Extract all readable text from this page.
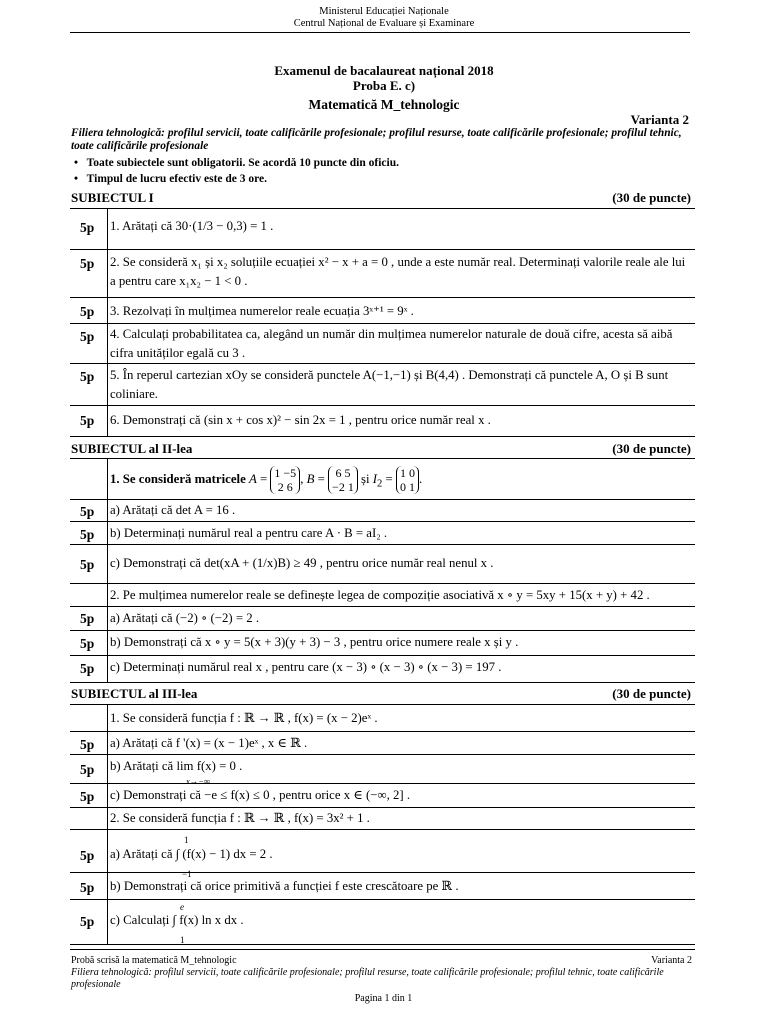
Ministerul Educației Naționale
Centrul Național de Evaluare și Examinare
Examenul de bacalaureat național 2018
Proba E. c)
Matematică M_tehnologic
Varianta 2
Filiera tehnologică: profilul servicii, toate calificările profesionale; profilul resurse, toate calificările profesionale; profilul tehnic, toate calificările profesionale
•   Toate subiectele sunt obligatorii. Se acordă 10 puncte din oficiu.
•   Timpul de lucru efectiv este de 3 ore.
SUBIECTUL I	(30 de puncte)
5p 1. Arătați că 30·(1/3 − 0,3) = 1 .
5p 2. Se consideră x₁ și x₂ soluțiile ecuației x² − x + a = 0 , unde a este număr real. Determinați valorile reale ale lui a pentru care x₁x₂ − 1 < 0 .
5p 3. Rezolvați în mulțimea numerelor reale ecuația 3ˣ⁺¹ = 9ˣ .
5p 4. Calculați probabilitatea ca, alegând un număr din mulțimea numerelor naturale de două cifre, acesta să aibă cifra unităților egală cu 3 .
5p 5. În reperul cartezian xOy se consideră punctele A(−1,−1) și B(4,4) . Demonstrați că punctele A, O și B sunt coliniare.
5p 6. Demonstrați că (sin x + cos x)² − sin 2x = 1 , pentru orice număr real x .
SUBIECTUL al II-lea	(30 de puncte)
1. Se consideră matricele A = 1 −5
2 6, B = 6 5
−2 1 și $I_2 = 1$ 0
0 1.
5p a) Arătați că det A = 16 .
5p b) Determinați numărul real a pentru care A · B = aI₂ .
5p c) Demonstrați că det(xA + (1/x)B) ≥ 49 , pentru orice număr real nenul x .
2. Pe mulțimea numerelor reale se definește legea de compoziție asociativă x ∘ y = 5xy + 15(x + y) + 42 .
5p a) Arătați că (−2) ∘ (−2) = 2 .
5p b) Demonstrați că x ∘ y = 5(x + 3)(y + 3) − 3 , pentru orice numere reale x și y .
5p c) Determinați numărul real x , pentru care (x − 3) ∘ (x − 3) ∘ (x − 3) = 197 .
SUBIECTUL al III-lea	(30 de puncte)
1. Se consideră funcția f : ℝ → ℝ , f(x) = (x − 2)eˣ .
5p a) Arătați că f '(x) = (x − 1)eˣ , x ∈ ℝ .
5p b) Arătați că lim f(x) = 0 .
x→−∞
5p c) Demonstrați că −e ≤ f(x) ≤ 0 , pentru orice x ∈ (−∞, 2] .
2. Se consideră funcția f : ℝ → ℝ , f(x) = 3x² + 1 .
5p a) Arătați că ∫ (f(x) − 1) dx = 2 .
1
−1
5p b) Demonstrați că orice primitivă a funcției f este crescătoare pe ℝ .
5p c) Calculați ∫ f(x) ln x dx .
e
1
Probă scrisă la matematică M_tehnologic	Varianta 2
Filiera tehnologică: profilul servicii, toate calificările profesionale; profilul resurse, toate calificările profesionale; profilul tehnic, toate calificările profesionale
Pagina 1 din 1
